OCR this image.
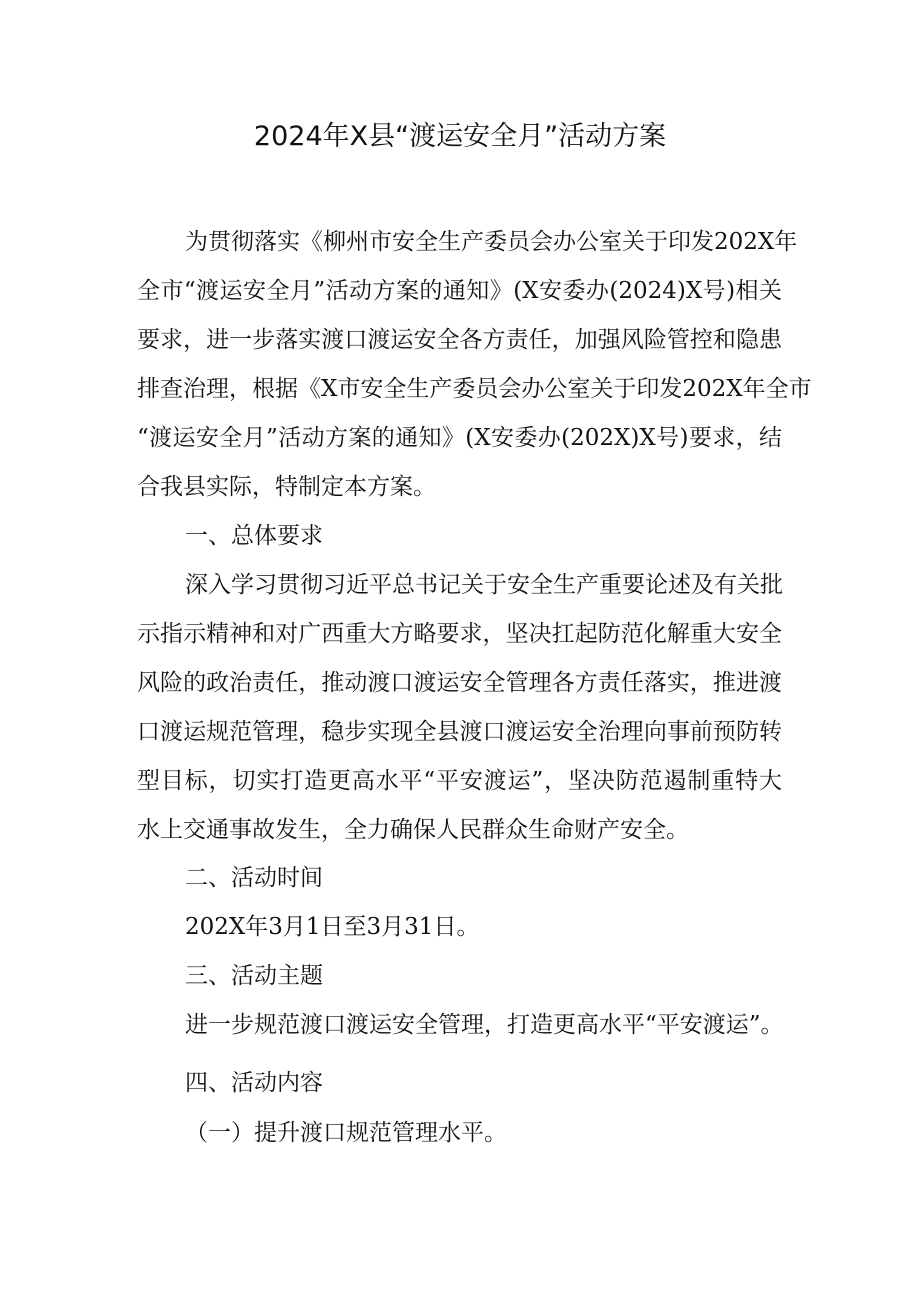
2024年X县“渡运安全月”活动方案

为贯彻落实《柳州市安全生产委员会办公室关于印发202X年

全市“渡运安全月”活动方案的通知》(X安委办(2024)X号)相关

要求，进一步落实渡口渡运安全各方责任，加强风险管控和隐患

排查治理，根据《X市安全生产委员会办公室关于印发202X年全市

“渡运安全月”活动方案的通知》(X安委办(202X)X号)要求，结

合我县实际，特制定本方案。

一、总体要求

深入学习贯彻习近平总书记关于安全生产重要论述及有关批

示指示精神和对广西重大方略要求，坚决扛起防范化解重大安全

风险的政治责任，推动渡口渡运安全管理各方责任落实，推进渡

口渡运规范管理，稳步实现全县渡口渡运安全治理向事前预防转

型目标，切实打造更高水平“平安渡运”，坚决防范遏制重特大

水上交通事故发生，全力确保人民群众生命财产安全。

二、活动时间

202X年3月1日至3月31日。

三、活动主题

进一步规范渡口渡运安全管理，打造更高水平“平安渡运”。

四、活动内容

（一）提升渡口规范管理水平。
